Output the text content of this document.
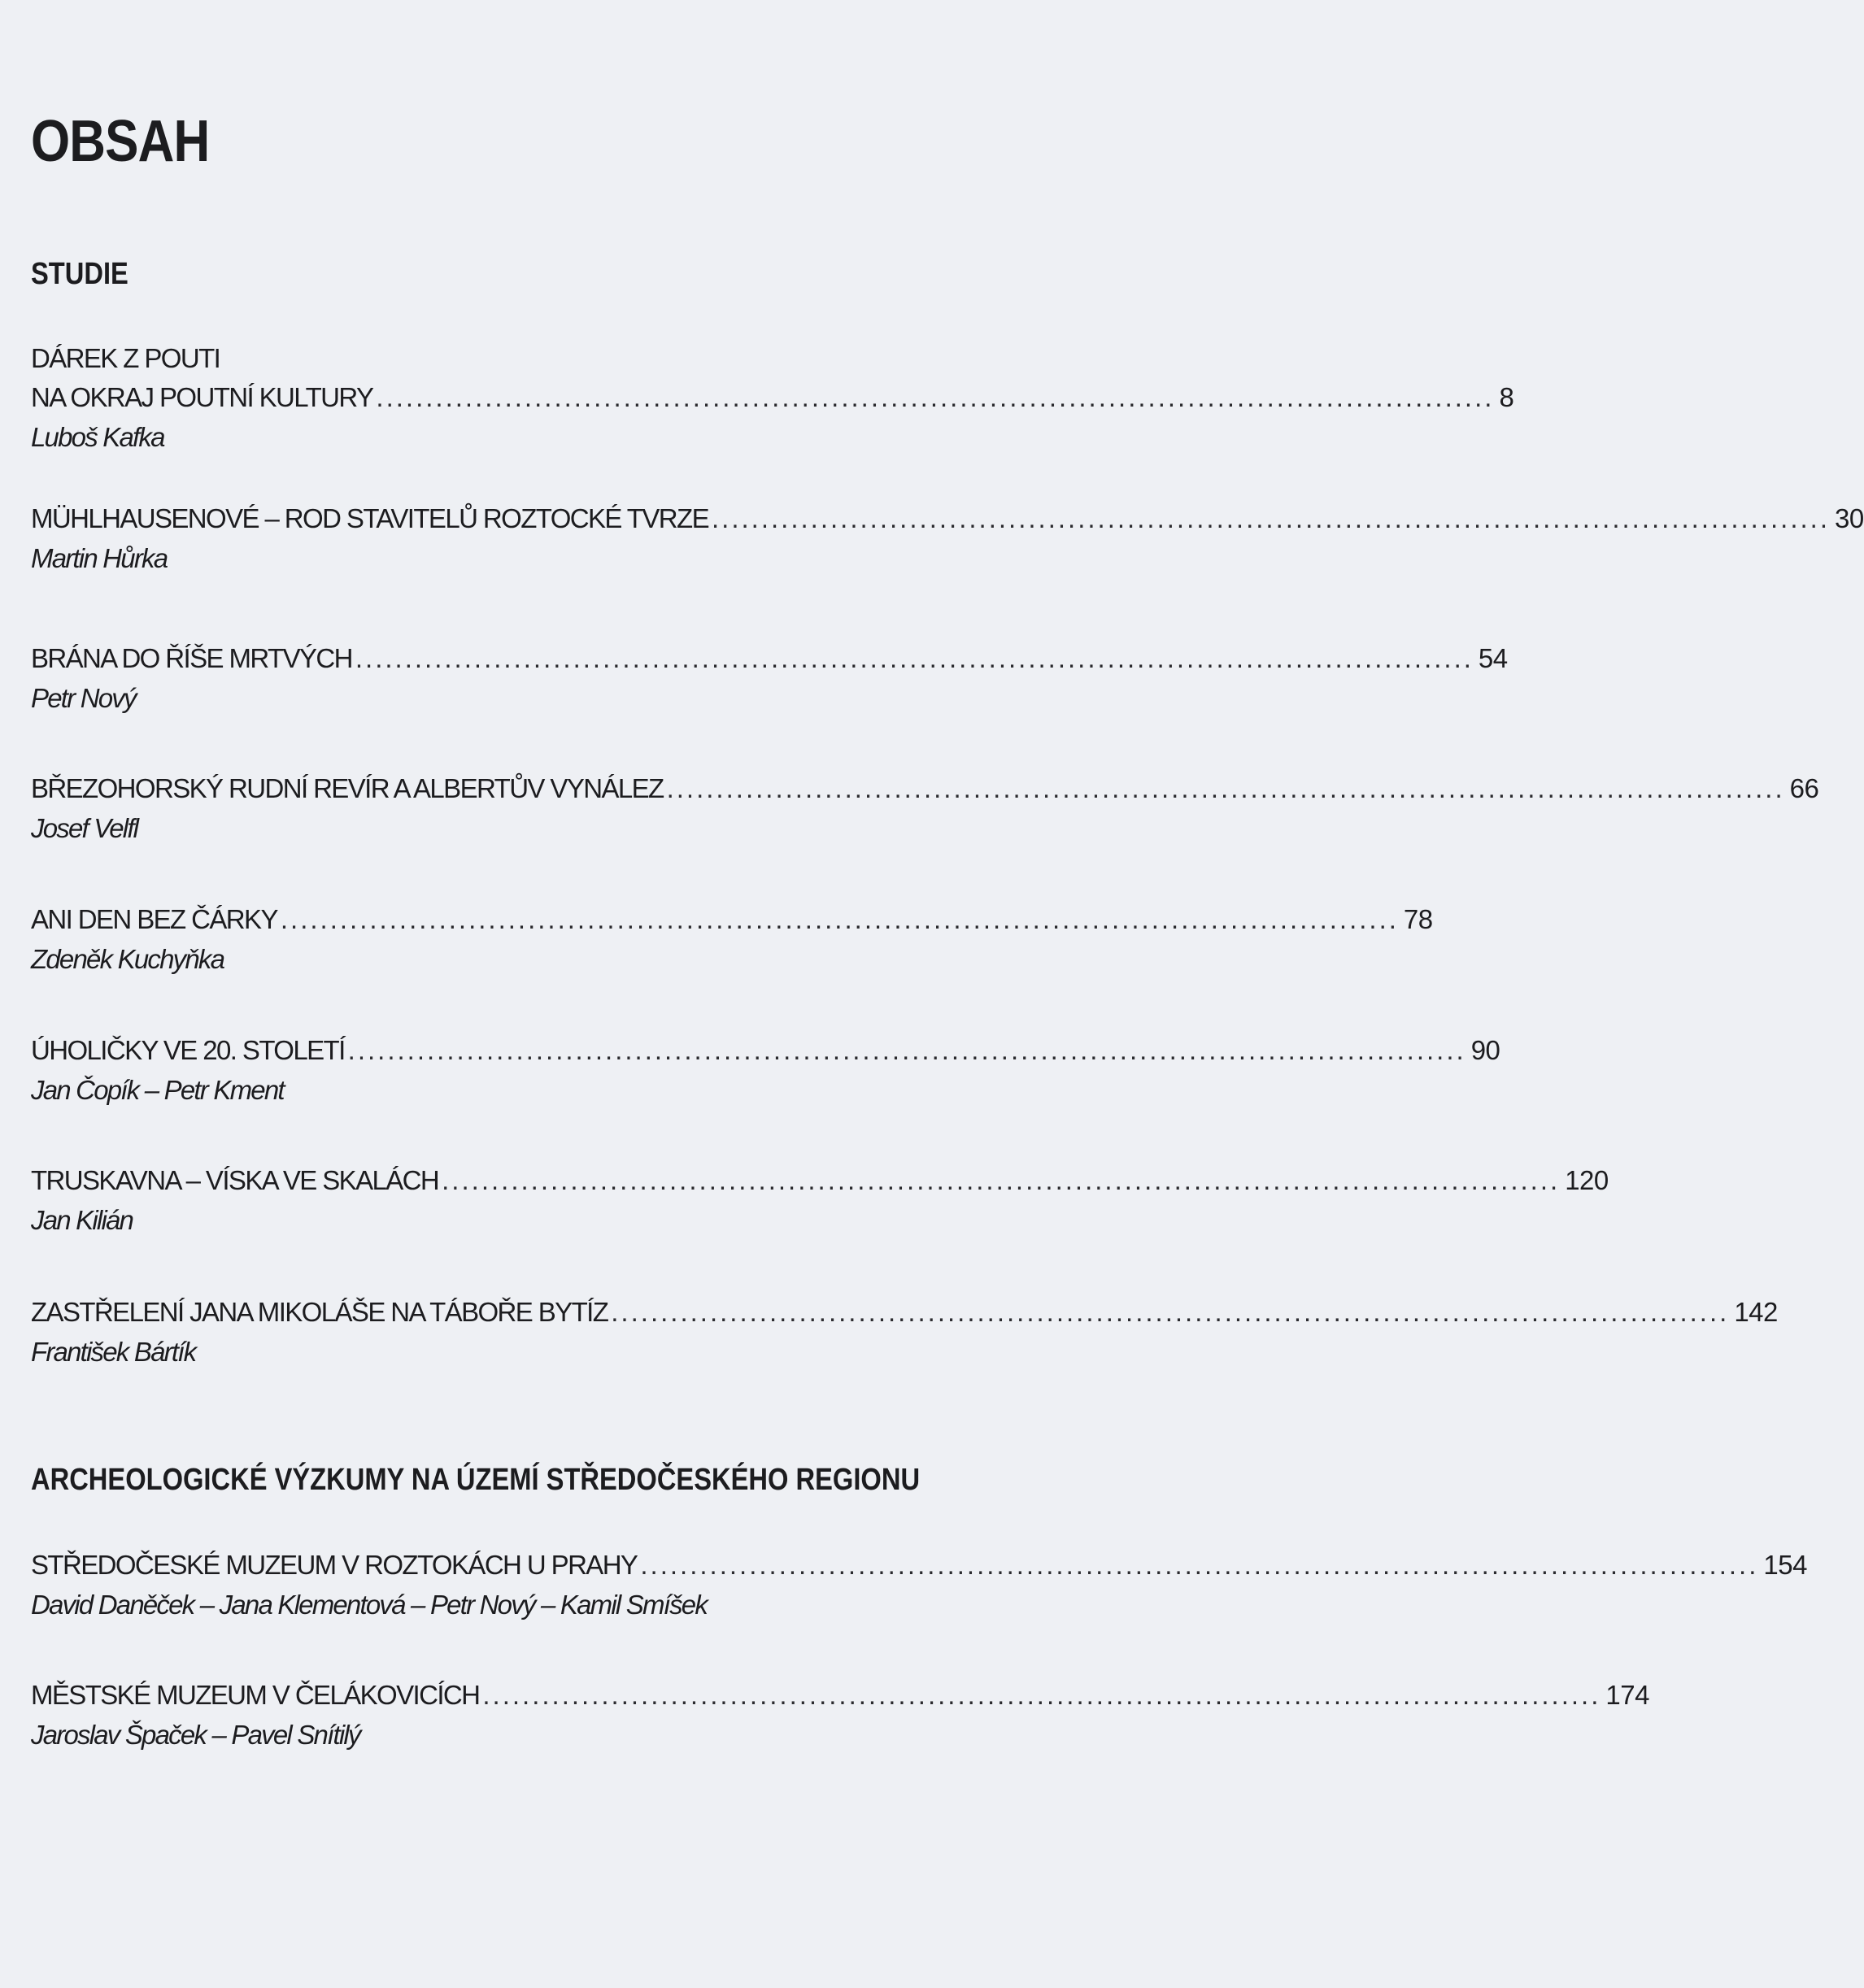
OBSAH
STUDIE
DÁREK Z POUTI
NA OKRAJ POUTNÍ KULTURY ................................................................................................................. 8
Luboš Kafka
MÜHLHAUSENOVÉ – ROD STAVITELŮ ROZTOCKÉ TVRZE ................................................................................................................. 30
Martin Hůrka
BRÁNA DO ŘÍŠE MRTVÝCH ................................................................................................................. 54
Petr Nový
BŘEZOHORSKÝ RUDNÍ REVÍR A ALBERTŮV VYNÁLEZ ................................................................................................................. 66
Josef Velfl
ANI DEN BEZ ČÁRKY ................................................................................................................. 78
Zdeněk Kuchyňka
ÚHOLIČKY VE 20. STOLETÍ ................................................................................................................. 90
Jan Čopík – Petr Kment
TRUSKAVNA – VÍSKA VE SKALÁCH ................................................................................................................. 120
Jan Kilián
ZASTŘELENÍ JANA MIKOLÁŠE NA TÁBOŘE BYTÍZ ................................................................................................................. 142
František Bártík
ARCHEOLOGICKÉ VÝZKUMY NA ÚZEMÍ STŘEDOČESKÉHO REGIONU
STŘEDOČESKÉ MUZEUM V ROZTOKÁCH U PRAHY ................................................................................................................. 154
David Daněček – Jana Klementová – Petr Nový – Kamil Smíšek
MĚSTSKÉ MUZEUM V ČELÁKOVICÍCH ................................................................................................................. 174
Jaroslav Špaček – Pavel Snítilý
